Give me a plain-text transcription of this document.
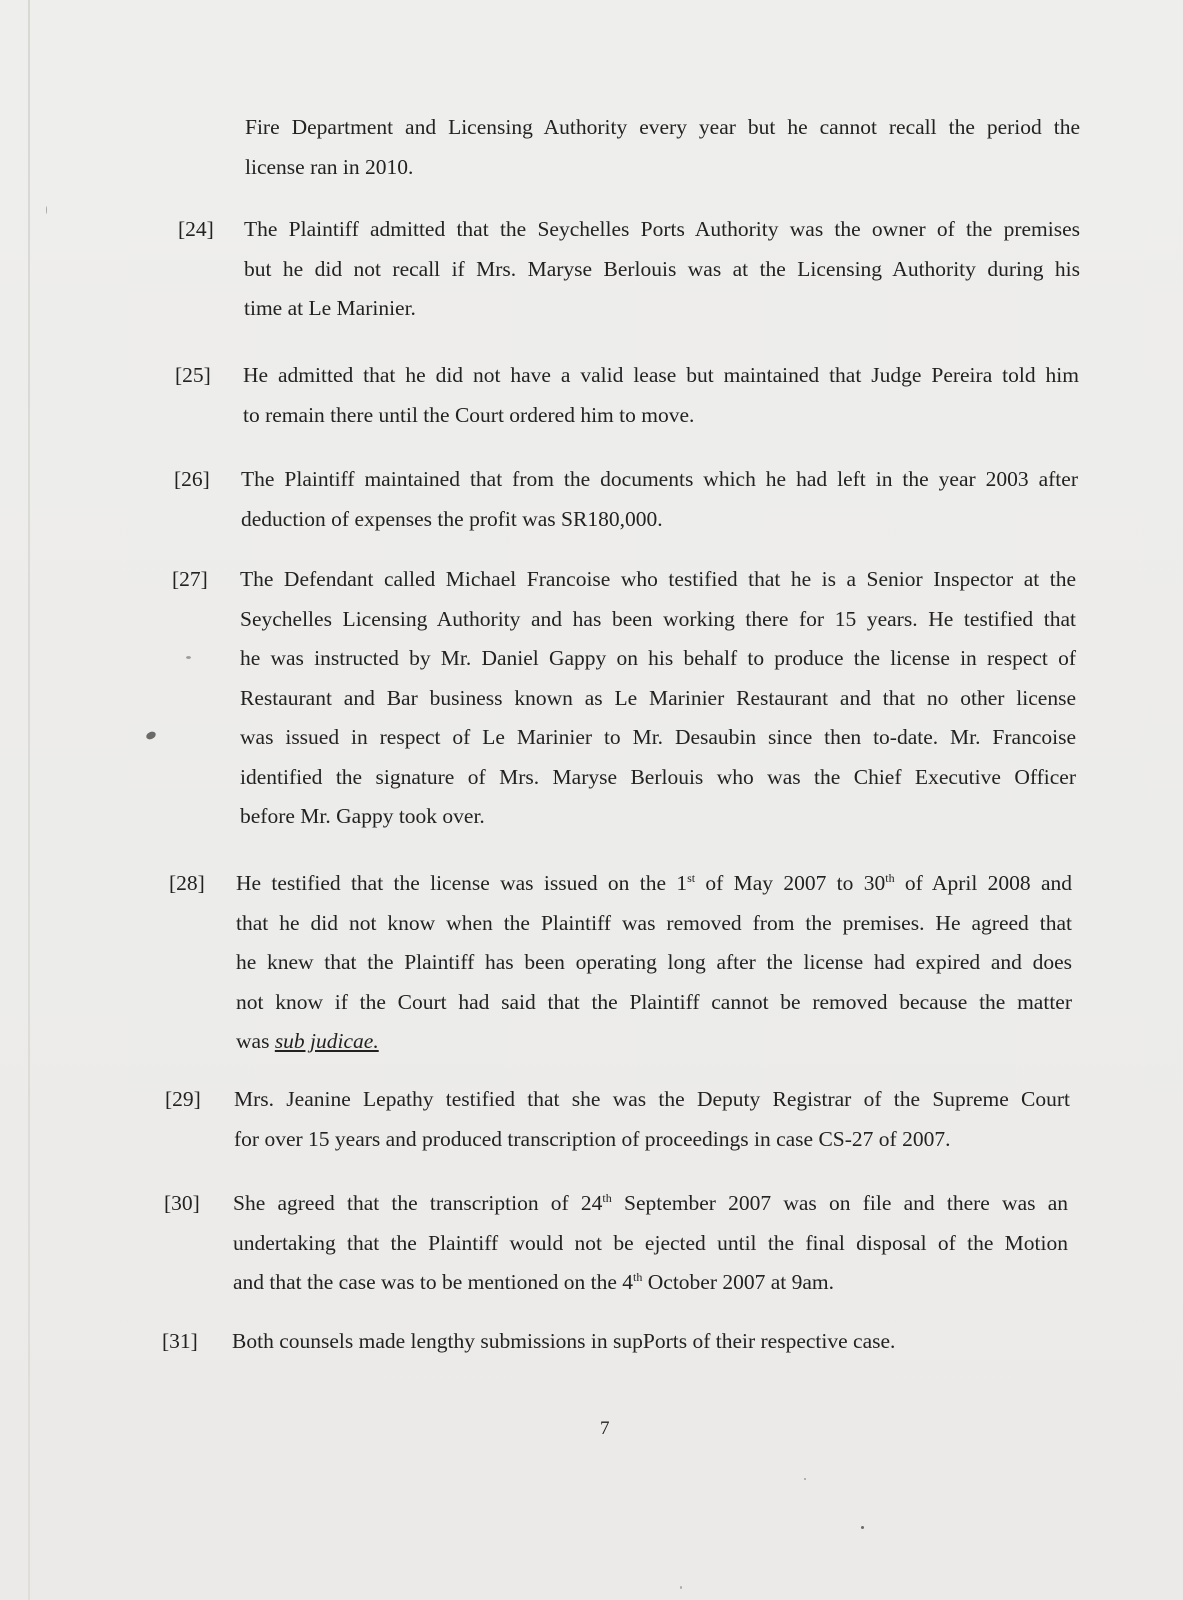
Fire Department and Licensing Authority every year but he cannot recall the period the
license ran in 2010.
[24] The Plaintiff admitted that the Seychelles Ports Authority was the owner of the premises
but he did not recall if Mrs. Maryse Berlouis was at the Licensing Authority during his
time at Le Marinier.
[25] He admitted that he did not have a valid lease but maintained that Judge Pereira told him
to remain there until the Court ordered him to move.
[26] The Plaintiff maintained that from the documents which he had left in the year 2003 after
deduction of expenses the profit was SR180,000.
[27] The Defendant called Michael Francoise who testified that he is a Senior Inspector at the
Seychelles Licensing Authority and has been working there for 15 years. He testified that
he was instructed by Mr. Daniel Gappy on his behalf to produce the license in respect of
Restaurant and Bar business known as Le Marinier Restaurant and that no other license
was issued in respect of Le Marinier to Mr. Desaubin since then to-date. Mr. Francoise
identified the signature of Mrs. Maryse Berlouis who was the Chief Executive Officer
before Mr. Gappy took over.
[28] He testified that the license was issued on the 1st of May 2007 to 30th of April 2008 and
that he did not know when the Plaintiff was removed from the premises. He agreed that
he knew that the Plaintiff has been operating long after the license had expired and does
not know if the Court had said that the Plaintiff cannot be removed because the matter
was sub judicae.
[29] Mrs. Jeanine Lepathy testified that she was the Deputy Registrar of the Supreme Court
for over 15 years and produced transcription of proceedings in case CS-27 of 2007.
[30] She agreed that the transcription of 24th September 2007 was on file and there was an
undertaking that the Plaintiff would not be ejected until the final disposal of the Motion
and that the case was to be mentioned on the 4th October 2007 at 9am.
[31] Both counsels made lengthy submissions in supPorts of their respective case.
7
